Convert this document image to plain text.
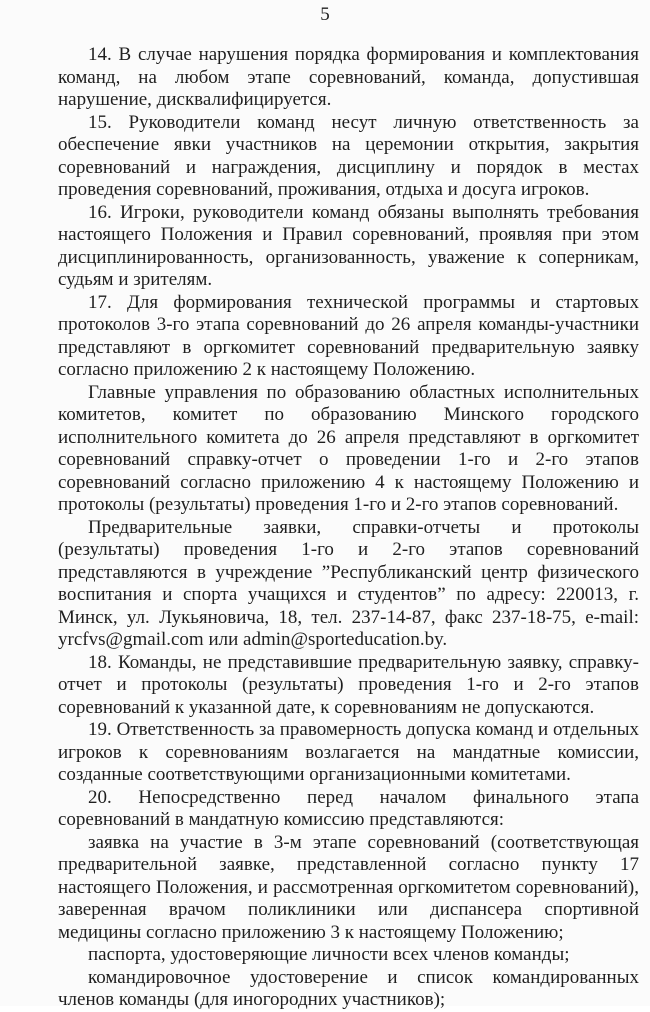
5

14. В случае нарушения порядка формирования и комплектования команд, на любом этапе соревнований, команда, допустившая нарушение, дисквалифицируется.

15. Руководители команд несут личную ответственность за обеспечение явки участников на церемонии открытия, закрытия соревнований и награждения, дисциплину и порядок в местах проведения соревнований, проживания, отдыха и досуга игроков.

16. Игроки, руководители команд обязаны выполнять требования настоящего Положения и Правил соревнований, проявляя при этом дисциплинированность, организованность, уважение к соперникам, судьям и зрителям.

17. Для формирования технической программы и стартовых протоколов 3-го этапа соревнований до 26 апреля команды-участники представляют в оргкомитет соревнований предварительную заявку согласно приложению 2 к настоящему Положению.

Главные управления по образованию областных исполнительных комитетов, комитет по образованию Минского городского исполнительного комитета до 26 апреля представляют в оргкомитет соревнований справку-отчет о проведении 1-го и 2-го этапов соревнований согласно приложению 4 к настоящему Положению и протоколы (результаты) проведения 1-го и 2-го этапов соревнований.

Предварительные заявки, справки-отчеты и протоколы (результаты) проведения 1-го и 2-го этапов соревнований представляются в учреждение ”Республиканский центр физического воспитания и спорта учащихся и студентов” по адресу: 220013, г. Минск, ул. Лукьяновича, 18, тел. 237-14-87, факс 237-18-75, e-mail: yrcfvs@gmail.com или admin@sporteducation.by.

18. Команды, не представившие предварительную заявку, справку-отчет и протоколы (результаты) проведения 1-го и 2-го этапов соревнований к указанной дате, к соревнованиям не допускаются.

19. Ответственность за правомерность допуска команд и отдельных игроков к соревнованиям возлагается на мандатные комиссии, созданные соответствующими организационными комитетами.

20. Непосредственно перед началом финального этапа соревнований в мандатную комиссию представляются:

заявка на участие в 3-м этапе соревнований (соответствующая предварительной заявке, представленной согласно пункту 17 настоящего Положения, и рассмотренная оргкомитетом соревнований), заверенная врачом поликлиники или диспансера спортивной медицины согласно приложению 3 к настоящему Положению;

паспорта, удостоверяющие личности всех членов команды;

командировочное удостоверение и список командированных членов команды (для иногородних участников);
